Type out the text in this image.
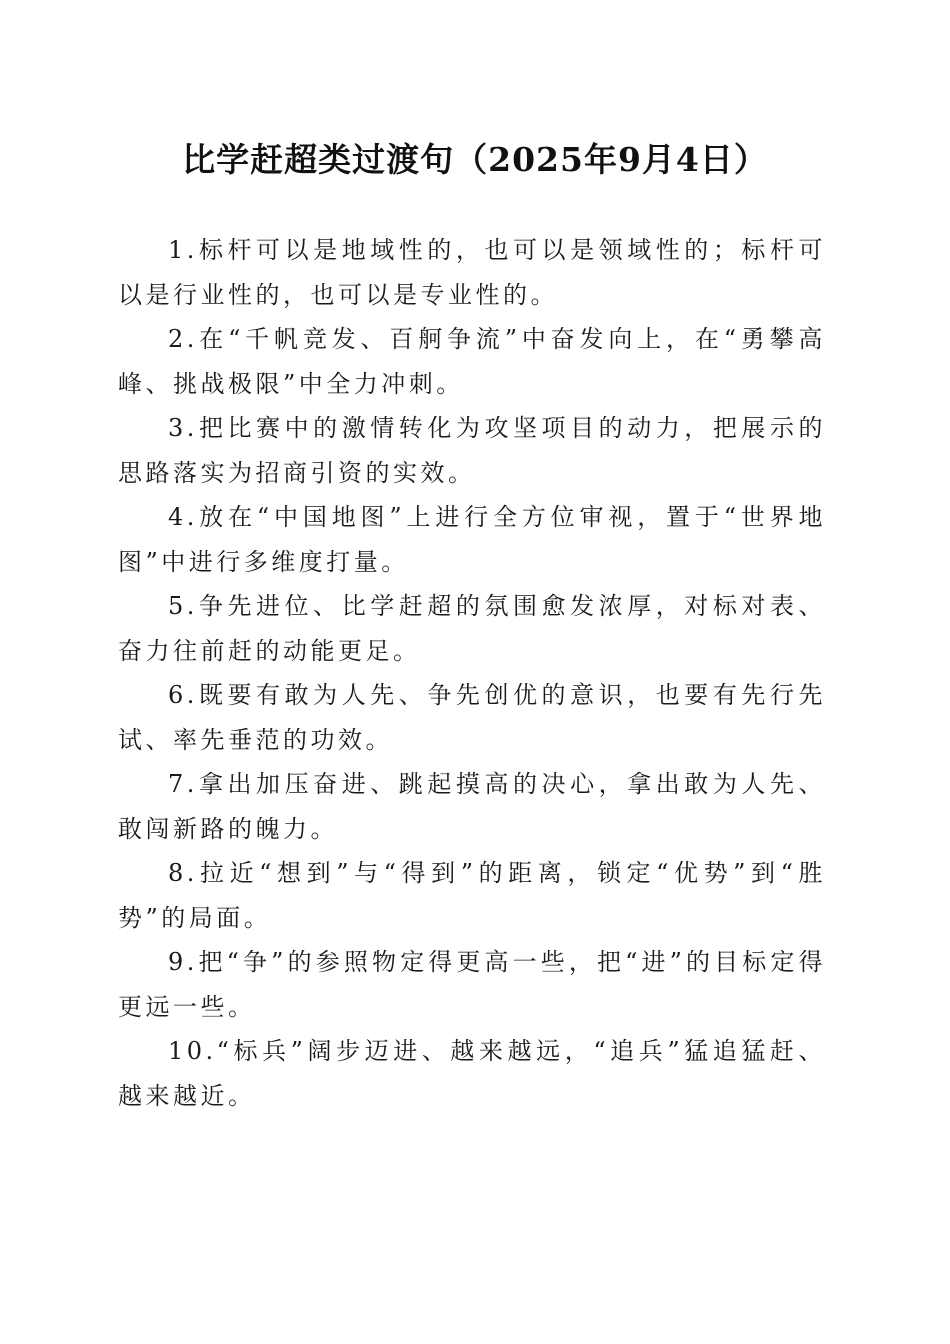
比学赶超类过渡句（2025年9月4日）

1.标杆可以是地域性的，也可以是领域性的；标杆可以是行业性的，也可以是专业性的。

2.在“千帆竞发、百舸争流”中奋发向上，在“勇攀高峰、挑战极限”中全力冲刺。

3.把比赛中的激情转化为攻坚项目的动力，把展示的思路落实为招商引资的实效。

4.放在“中国地图”上进行全方位审视，置于“世界地图”中进行多维度打量。

5.争先进位、比学赶超的氛围愈发浓厚，对标对表、奋力往前赶的动能更足。

6.既要有敢为人先、争先创优的意识，也要有先行先试、率先垂范的功效。

7.拿出加压奋进、跳起摸高的决心，拿出敢为人先、敢闯新路的魄力。

8.拉近“想到”与“得到”的距离，锁定“优势”到“胜势”的局面。

9.把“争”的参照物定得更高一些，把“进”的目标定得更远一些。

10.“标兵”阔步迈进、越来越远，“追兵”猛追猛赶、越来越近。
